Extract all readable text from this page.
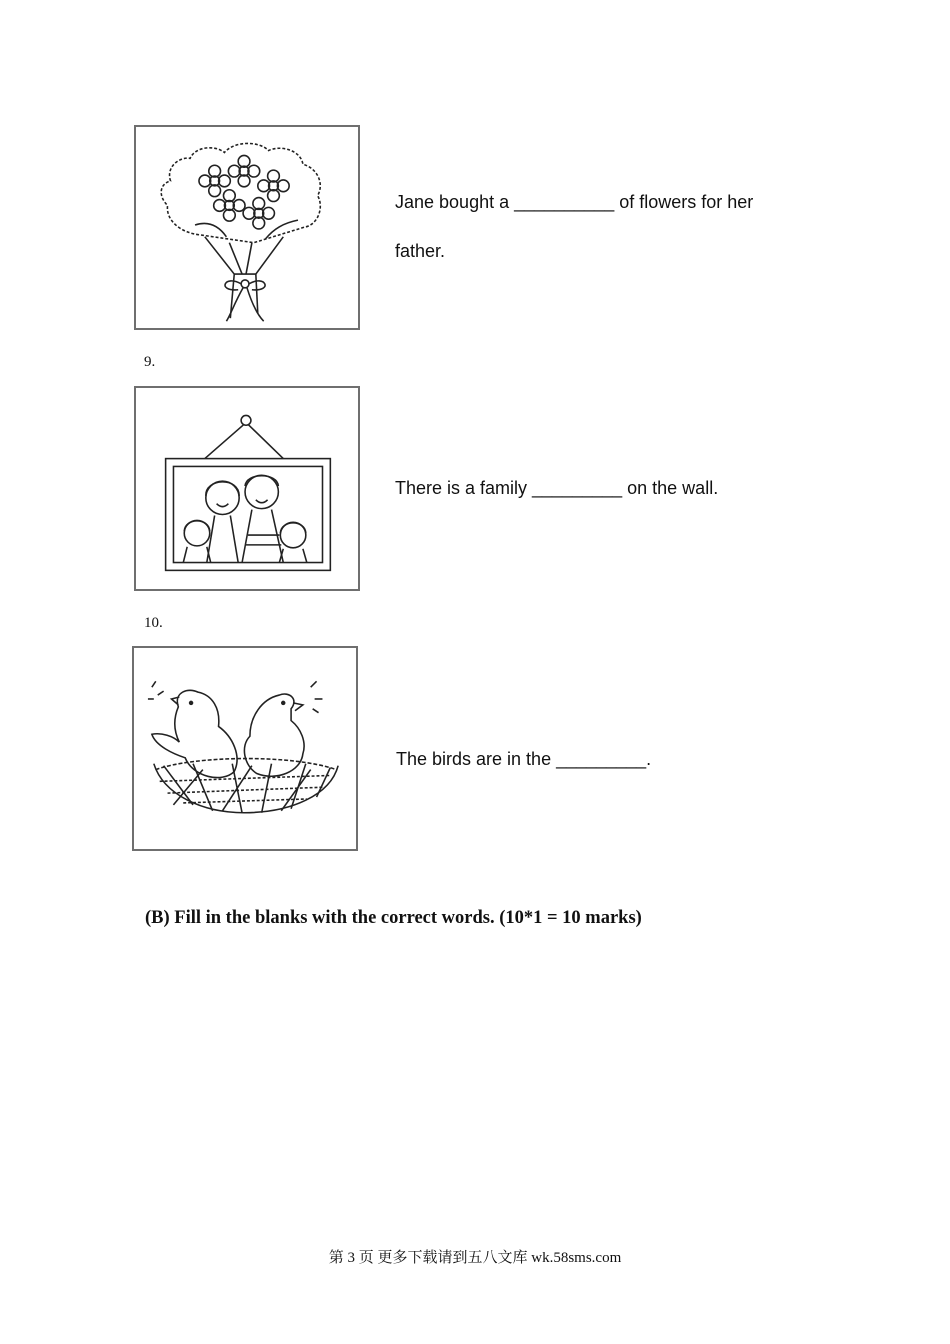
Jane bought a __________ of flowers for her
father.
9.
There is a family _________ on the wall.
10.
The birds are in the _________.
(B) Fill in the blanks with the correct words. (10*1 = 10 marks)
第 3 页 更多下载请到五八文库 wk.58sms.com
